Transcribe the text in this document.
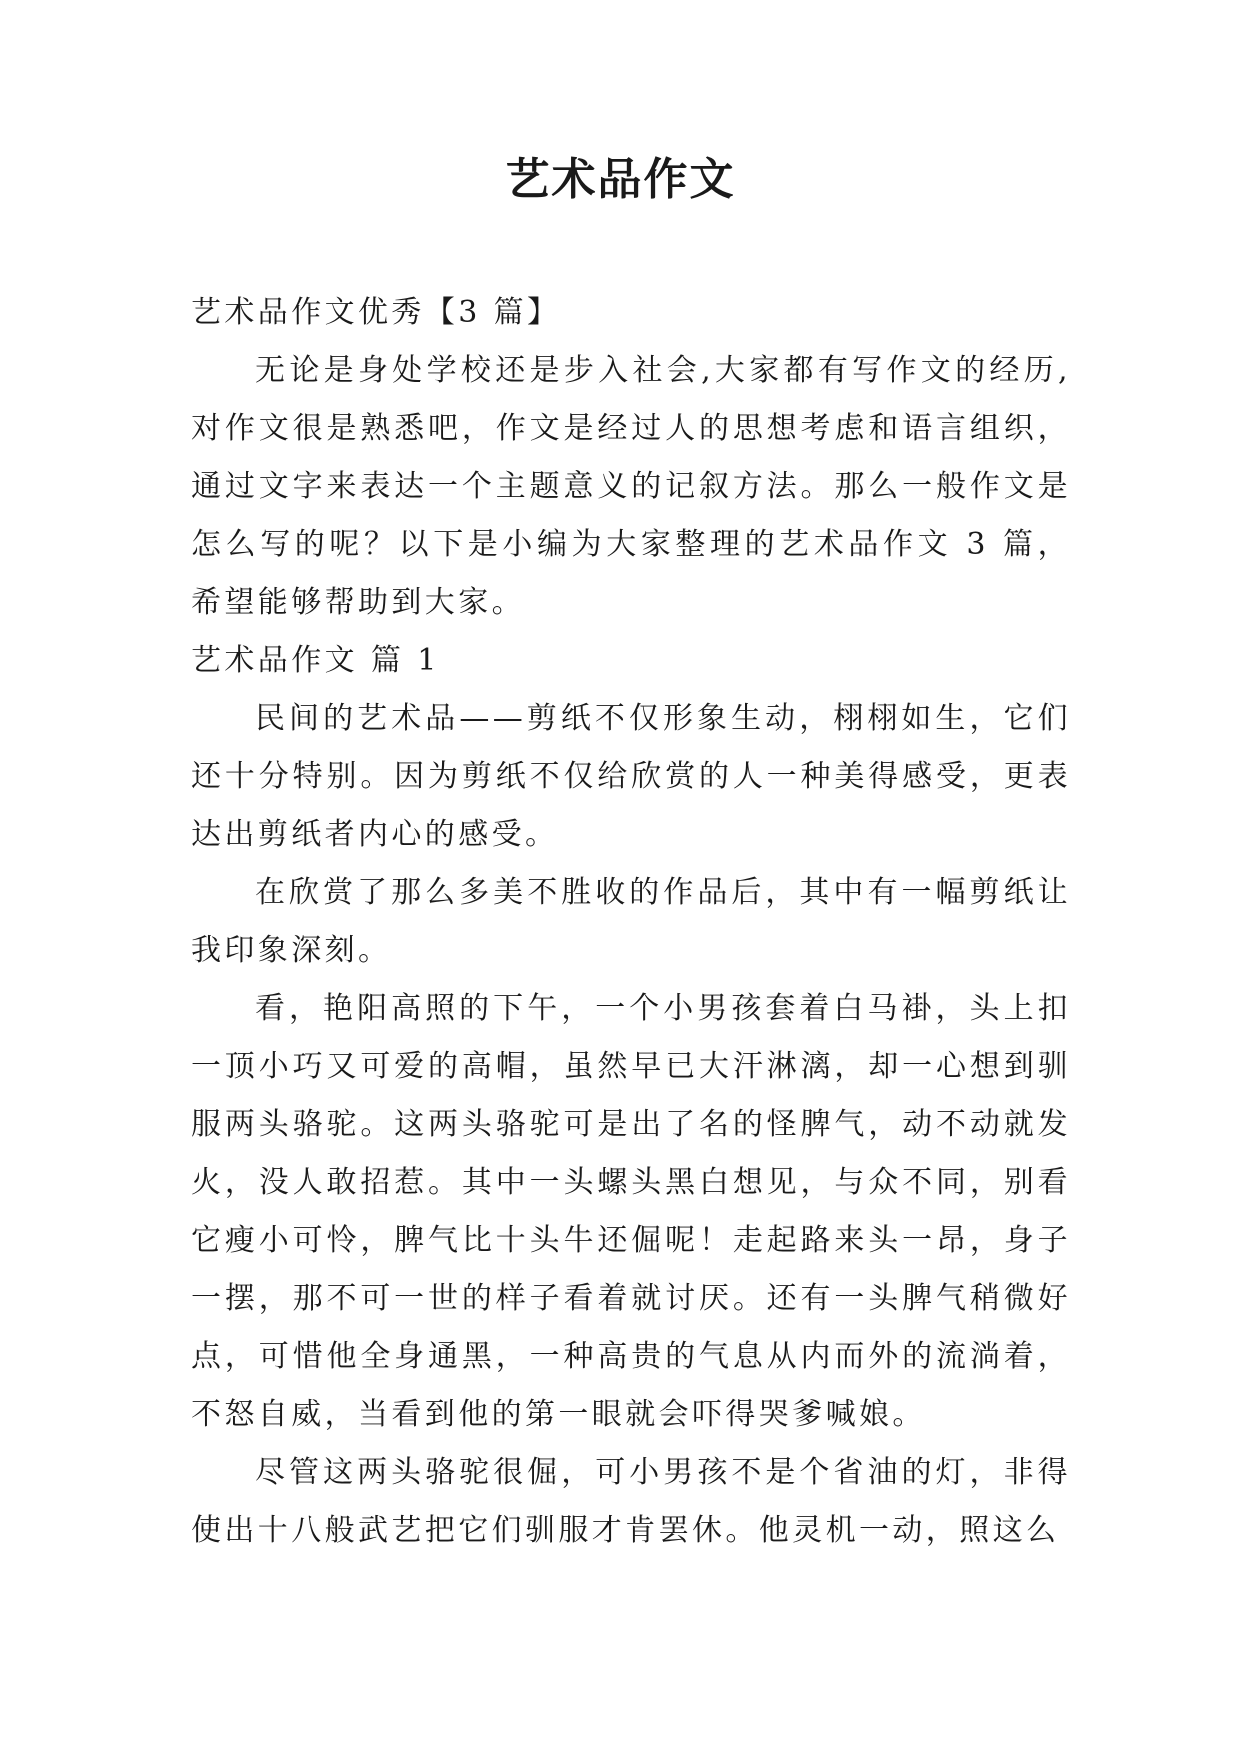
艺术品作文

艺术品作文优秀【3 篇】

无论是身处学校还是步入社会,大家都有写作文的经历,对作文很是熟悉吧，作文是经过人的思想考虑和语言组织，通过文字来表达一个主题意义的记叙方法。那么一般作文是怎么写的呢？以下是小编为大家整理的艺术品作文 3 篇，希望能够帮助到大家。

艺术品作文 篇 1

民间的艺术品——剪纸不仅形象生动，栩栩如生，它们还十分特别。因为剪纸不仅给欣赏的人一种美得感受，更表达出剪纸者内心的感受。

在欣赏了那么多美不胜收的作品后，其中有一幅剪纸让我印象深刻。

看，艳阳高照的下午，一个小男孩套着白马褂，头上扣一顶小巧又可爱的高帽，虽然早已大汗淋漓，却一心想到驯服两头骆驼。这两头骆驼可是出了名的怪脾气，动不动就发火，没人敢招惹。其中一头螺头黑白想见，与众不同，别看它瘦小可怜，脾气比十头牛还倔呢！走起路来头一昂，身子一摆，那不可一世的样子看着就讨厌。还有一头脾气稍微好点，可惜他全身通黑，一种高贵的气息从内而外的流淌着，不怒自威，当看到他的第一眼就会吓得哭爹喊娘。

尽管这两头骆驼很倔，可小男孩不是个省油的灯，非得使出十八般武艺把它们驯服才肯罢休。他灵机一动，照这么
